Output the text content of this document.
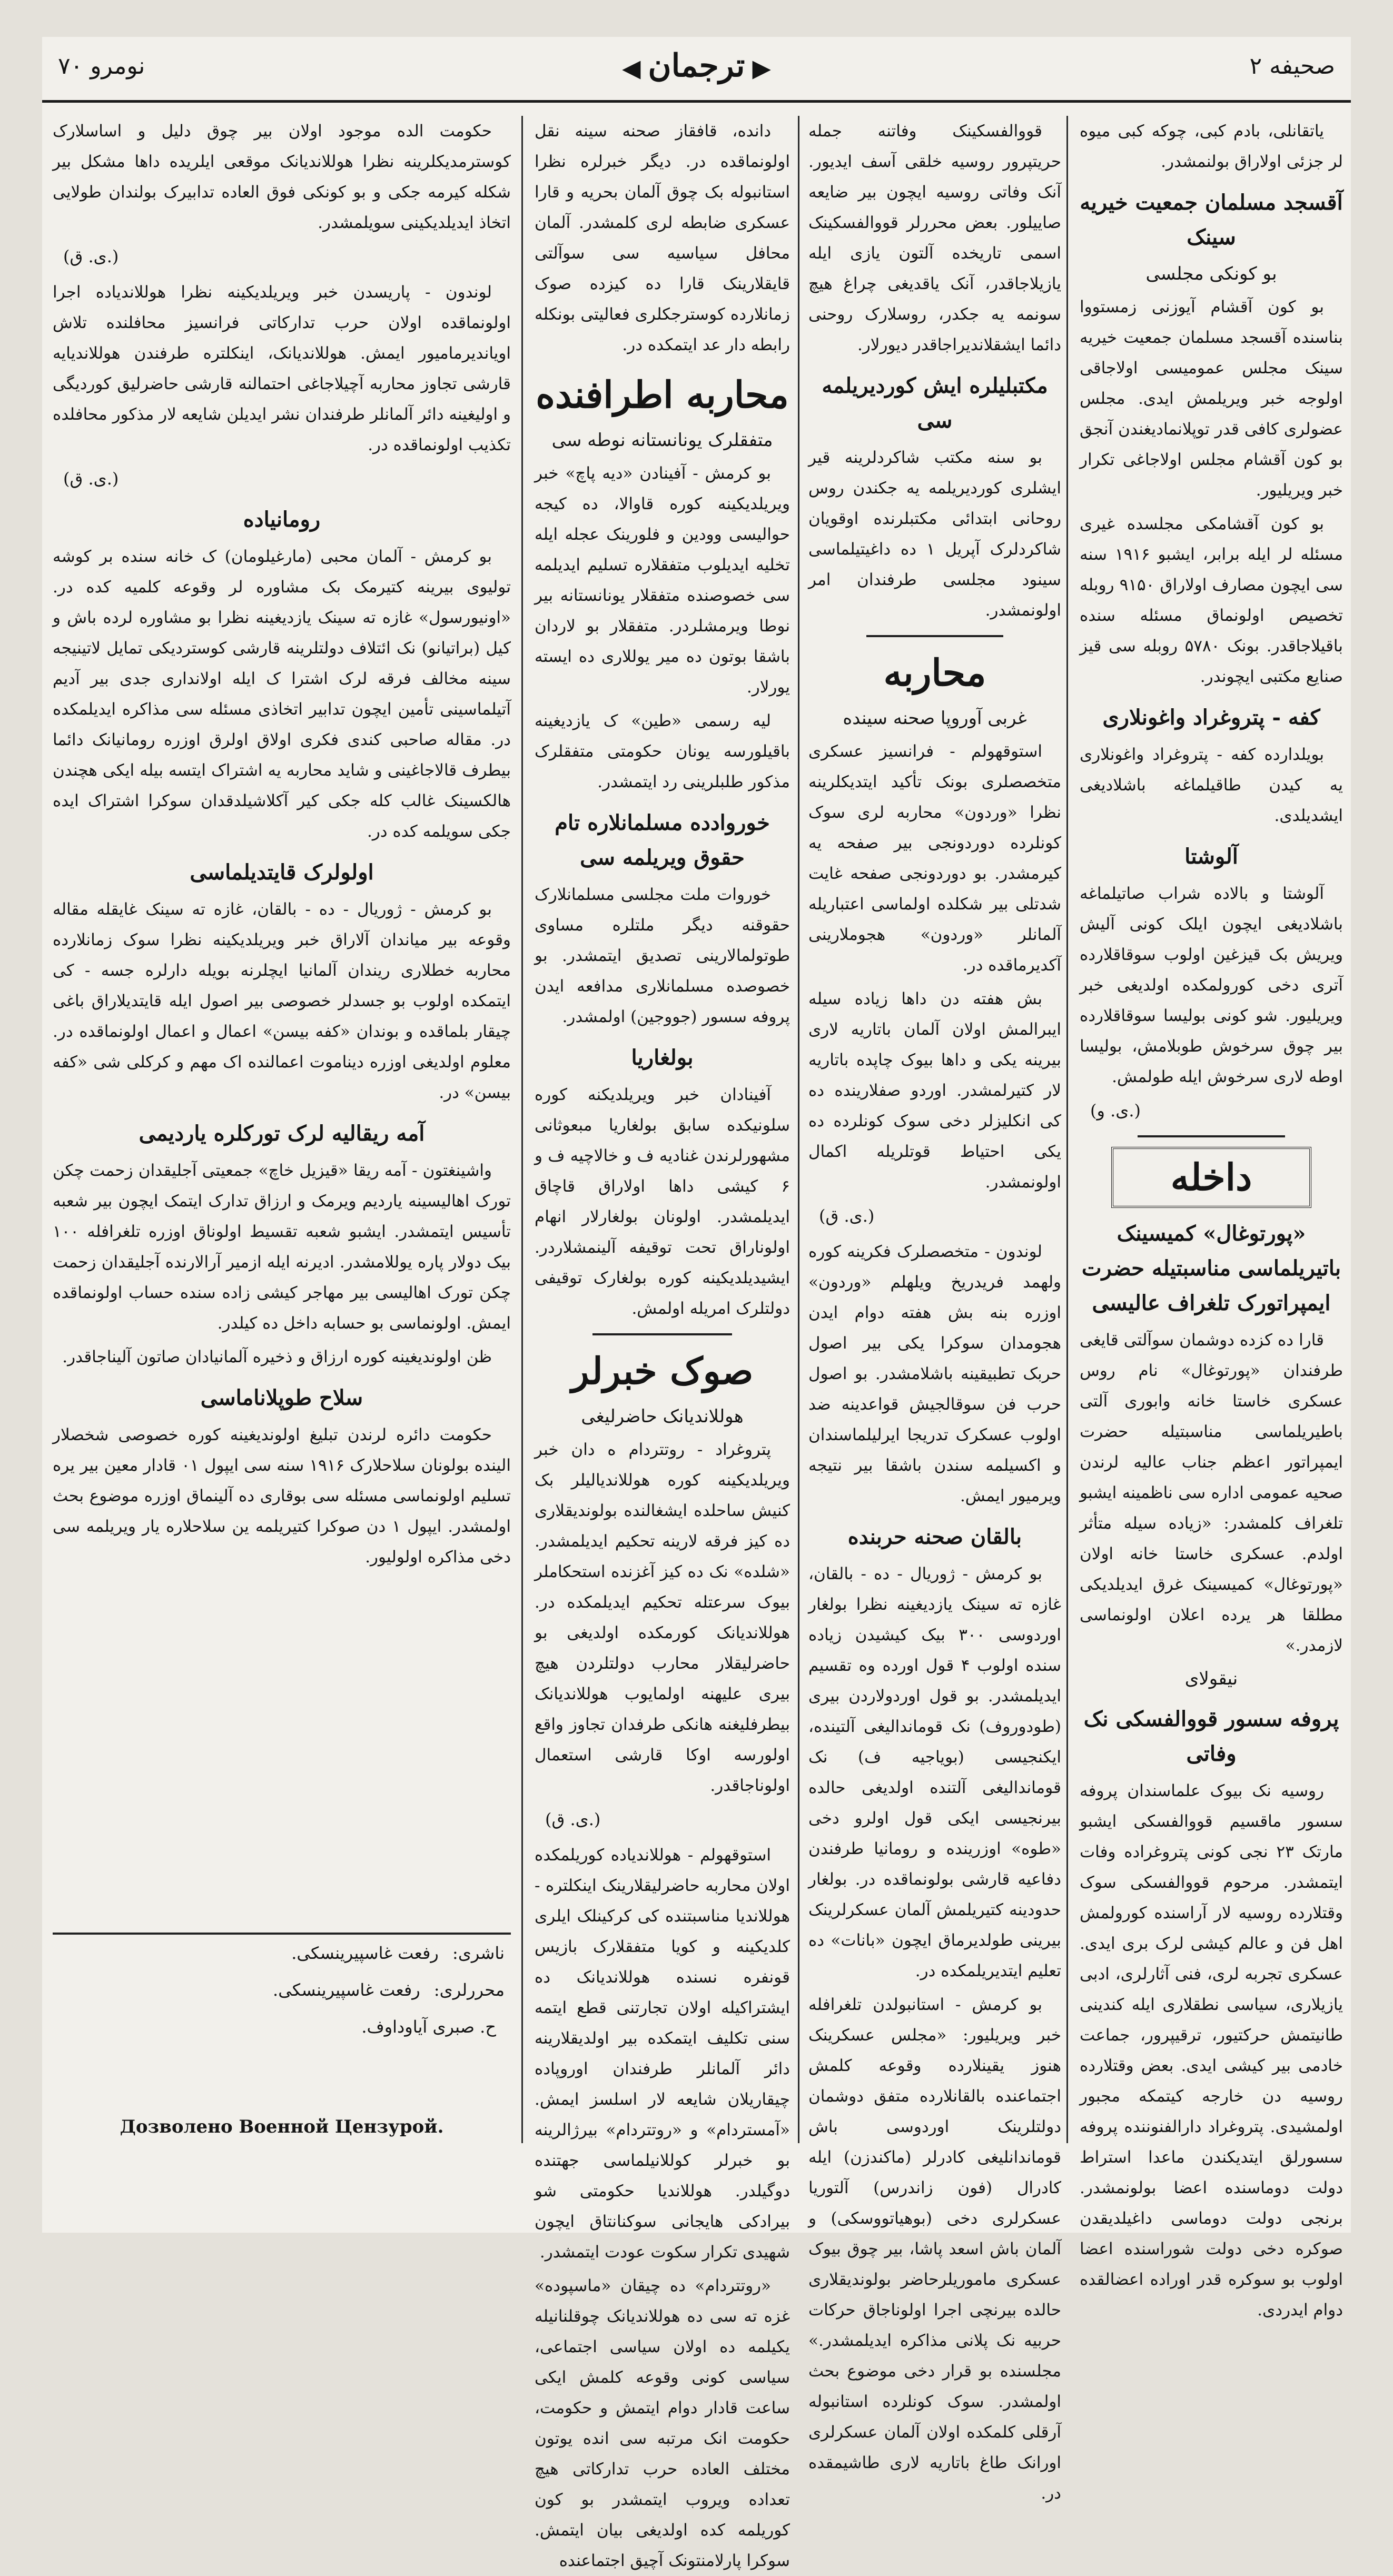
نومرو ۷۰	◀ ترجمان ▶	صحیفه ۲

یاتقانلی، بادم کبی، چوکه کبی میوه لر جزئی اولاراق بولنمشدر.

آقسجد مسلمان جمعیت خیریه سینک
بو کونکی مجلسی

بو کون آقشام آیوزنی زمستووا بناسنده آقسجد مسلمان جمعیت خیریه سینک مجلس عمومیسی اولاجاقی اولوجه خبر ویریلمش ایدی. مجلس عضولری کافی قدر توپلانمادیغندن آنجق بو کون آقشام مجلس اولاجاغی تکرار خبر ویریلیور.

بو کون آقشامکی مجلسده غیری مسئله لر ایله برابر، ایشبو ۱۹۱۶ سنه سی ایچون مصارف اولاراق ۹۱۵۰ روبله تخصیص اولونماق مسئله سنده باقیلاجاقدر. بونک ۵۷۸۰ روبله سی قیز صنایع مکتبی ایچوندر.

کفه - پتروغراد واغونلاری

بویلدارده کفه - پتروغراد واغونلاری یه کیدن طاقیلماغه باشلادیغی ایشدیلدی.

آلوشتا

آلوشتا و بالاده شراب صاتیلماغه باشلادیغی ایچون ایلک کونی آلیش ویریش بک قیزغین اولوب سوقاقلارده آتری دخی کورولمکده اولدیغی خبر ویریلیور. شو کونی بولیسا سوقاقلارده بیر چوق سرخوش طوبلامش، بولیسا اوطه لاری سرخوش ایله طولمش.

(ی. و.)
داخله
«پورتوغال» کمیسینک باتیریلماسی مناسبتیله حضرت ایمپراتورک تلغراف عالیسی

قارا ده کزده دوشمان سوآلتی قایغی طرفندان «پورتوغال» نام روس عسکری خاستا خانه وابوری آلتی باطیریلماسی مناسبتیله حضرت ایمپراتور اعظم جناب عالیه لرندن صحیه عمومی اداره سی ناظمینه ایشبو تلغراف کلمشدر: «زیاده سیله متأثر اولدم. عسکری خاستا خانه اولان «پورتوغال» کمیسینک غرق ایدیلدیکی مطلقا هر یرده اعلان اولونماسی لازمدر.»

نیقولای
پروفه سسور قووالفسکی نک وفاتی

روسیه نک بیوک علماسندان پروفه سسور ماقسیم قووالفسکی ایشبو مارتک ۲۳ نجی کونی پتروغراده وفات ایتمشدر. مرحوم قووالفسکی سوک وقتلارده روسیه لار آراسنده کورولمش اهل فن و عالم کیشی لرک بری ایدی. عسکری تجربه لری، فنی آثارلری، ادبی یازیلاری، سیاسی نطقلاری ایله کندینی طانیتمش حرکتیور، ترقیپرور، جماعت خادمی بیر کیشی ایدی. بعض وقتلارده روسیه دن خارجه کیتمکه مجبور اولمشیدی. پتروغراد دارالفنوننده پروفه سسورلق ایتدیکندن ماعدا استراط دولت دوماسنده اعضا بولونمشدر. برنجی دولت دوماسی داغیلدیقدن صوکره دخی دولت شوراسنده اعضا اولوب بو سوکره قدر اوراده اعضالقده دوام ایدردی.

قووالفسکینک وفاتنه جمله حریتپرور روسیه خلقی آسف ایدیور. آنک وفاتی روسیه ایچون بیر ضایعه صاییلور. بعض محررلر قووالفسکینک اسمی تاریخده آلتون یازی ایله یازیلاجاقدر، آنک یاقدیغی چراغ هیچ سونمه یه جکدر، روسلارک روحنی دائما ایشقلاندیراجاقدر دیورلار.

مکتبلیلره ایش کوردیریلمه سی

بو سنه مکتب شاکردلرینه قیر ایشلری کوردیریلمه یه جکندن روس روحانی ابتدائی مکتبلرنده اوقویان شاکردلرک آپریل ۱ ده داغیتیلماسی سینود مجلسی طرفندان امر اولونمشدر.

محاربه
غربی آوروپا صحنه سینده

استوقهولم - فرانسیز عسکری متخصصلری بونک تأکید ایتدیکلرینه نظرا «وردون» محاربه لری سوک کونلرده دوردونجی بیر صفحه یه کیرمشدر. بو دوردونجی صفحه غایت شدتلی بیر شکلده اولماسی اعتباریله آلمانلر «وردون» هجوملارینی آکدیرماقده در.

بش هفته دن داها زیاده سیله ایبرالمش اولان آلمان باتاریه لاری بیرینه یکی و داها بیوک چاپده باتاریه لار کتیرلمشدر. اوردو صفلارینده ده کی انکلیزلر دخی سوک کونلرده ده یکی احتیاط قوتلریله اکمال اولونمشدر.

(ی. ق.)

لوندون - متخصصلرک فکرینه کوره ولهمد فریدریخ ویلهلم «وردون» اوزره بنه بش هفته دوام ایدن هجومدان سوکرا یکی بیر اصول حربک تطبیقینه باشلامشدر. بو اصول حرب فن سوقالجیش قواعدینه ضد اولوب عسکرک تدریجا ایرلیلماسندان و اکسیلمه سندن باشقا بیر نتیجه ویرمیور ایمش.

بالقان صحنه حربنده

بو کرمش - ژوریال - ده - بالقان، غازه ته سینک یازدیغینه نظرا بولغار اوردوسی ۳۰۰ بیک کیشیدن زیاده سنده اولوب ۴ قول اورده وه تقسیم ایدیلمشدر. بو قول اوردولاردن بیری (طودوروف) نک قوماندالیغی آلتینده، ایکنجیسی (بویاجیه ف) نک قوماندالیغی آلتنده اولدیغی حالده بیرنجیسی ایکی قول اولرو دخی «طوه» اوزرینده و رومانیا طرفندن دفاعیه قارشی بولونماقده در. بولغار حدودینه کتیریلمش آلمان عسکرلرینک بیرینی طولدیرماق ایچون «بانات» ده تعلیم ایتدیریلمکده در.

بو کرمش - استانبولدن تلغرافله خبر ویریلیور: «مجلس عسکرینک هنوز یقینلارده وقوعه کلمش اجتماعنده بالقانلارده متفق دوشمان دولتلرینک اوردوسی باش قوماندانلیغی کادرلر (ماکندزن) ایله کادرال (فون زاندرس) آلتوریا عسکرلری دخی (بوهیاتووسکی) و آلمان باش اسعد پاشا، بیر چوق بیوک عسکری ماموریلرحاضر بولوندیقلاری حالده بیرنچی اجرا اولوناجاق حرکات حربیه نک پلانی مذاکره ایدیلمشدر.» مجلسنده بو قرار دخی موضوع بحث اولمشدر. سوک کونلرده استانبوله آرقلی کلمکده اولان آلمان عسکرلری اورانک طاغ باتاریه لاری طاشیمقده در.

دانده، قافقاز صحنه سینه نقل اولونماقده در. دیگر خبرلره نظرا استانبوله بک چوق آلمان بحریه و قارا عسکری ضابطه لری کلمشدر. آلمان محافل سیاسیه سی سوآلتی قایقلارینک قارا ده کیزده صوک زمانلارده کوسترجکلری فعالیتی بونکله رابطه دار عد ایتمکده در.

محاربه اطرافنده
متفقلرک یونانستانه نوطه سی

بو کرمش - آفینادن «دیه پاچ» خبر ویریلدیکینه کوره قاوالا، ده کیجه حوالیسی وودین و فلورینک عجله ایله تخلیه ایدیلوب متفقلاره تسلیم ایدیلمه سی خصوصنده متفقلار یونانستانه بیر نوطا ویرمشلردر. متفقلار بو لاردان باشقا بوتون ده میر یوللاری ده ایسته یورلار.

لیه رسمی «طین» ک یازدیغینه باقیلورسه یونان حکومتی متفقلرک مذکور طلبلرینی رد ایتمشدر.

خوروادده مسلمانلاره تام حقوق ویریلمه سی

خوروات ملت مجلسی مسلمانلارک حقوقنه دیگر ملتلره مساوی طوتولمالارینی تصدیق ایتمشدر. بو خصوصده مسلمانلاری مدافعه ایدن پروفه سسور (جووجین) اولمشدر.

بولغاریا

آفینادان خبر ویریلدیکنه کوره سلونیکده سابق بولغاریا مبعوثانی مشهورلرندن غنادیه ف و خالاچیه ف و ۶ کیشی داها اولاراق قاچاق ایدیلمشدر. اولونان بولغارلار انهام اولوناراق تحت توقیفه آلینمشلاردر. ایشیدیلدیکینه کوره بولغارک توقیفی دولتلرک امریله اولمش.

صوک خبرلر
هوللاندیانک حاضرلیغی

پتروغراد - روتتردام ه دان خبر ویریلدیکینه کوره هوللاندیالیلر بک کنیش ساحلده ایشغالنده بولوندیقلاری ده کیز فرقه لارینه تحکیم ایدیلمشدر. «شلده» نک ده کیز آغزنده استحکاملر بیوک سرعتله تحکیم ایدیلمکده در. هوللاندیانک کورمکده اولدیغی بو حاضرلیقلار محارب دولتلردن هیچ بیری علیهنه اولمایوب هوللاندیانک بیطرفلیغنه هانکی طرفدان تجاوز واقع اولورسه اوکا قارشی استعمال اولوناجاقدر.

(ی. ق.)

استوقهولم - هوللاندیاده کوریلمکده اولان محاربه حاضرلیقلارینک اینکلتره - هوللاندیا مناسبتنده کی کرکینلک ایلری کلدیکینه و کویا متفقلارک بازیس قونفره نسنده هوللاندیانک ده ایشتراکیله اولان تجارتنی قطع ایتمه سنی تکلیف ایتمکده بیر اولدیقلارینه دائر آلمانلر طرفندان اوروپاده چیقاریلان شایعه لار اسلسز ایمش. «آمستردام» و «روتتردام» بیرژالرینه بو خبرلر کوللانیلماسی جهتنده دوگیلدر. هوللاندیا حکومتی شو بیرادکی هایجانی سوکنانتاق ایچون شهیدی تکرار سکوت عودت ایتمشدر.

«روتتردام» ده چیقان «ماسپوده» غزه ته سی ده هوللاندیانک چوقلنانیله یکیلمه ده اولان سیاسی اجتماعی، سیاسی کونی وقوعه کلمش ایکی ساعت قادار دوام ایتمش و حکومت، حکومت انک مرتبه سی انده یوتون مختلف العاده حرب تدارکاتی هیچ تعداده ویروب ایتمشدر بو کون کوریلمه کده اولدیغی بیان ایتمش. سوکرا پارلامنتونک آچیق اجتماعنده

حکومت الده موجود اولان بیر چوق دلیل و اساسلارک کوسترمدیکلرینه نظرا هوللاندیانک موقعی ایلریده داها مشکل بیر شکله کیرمه جکی و بو کونکی فوق العاده تدابیرک بولندان طولایی اتخاذ ایدیلدیکینی سویلمشدر.

(ی. ق.)

لوندون - پاریسدن خبر ویریلدیکینه نظرا هوللاندیاده اجرا اولونماقده اولان حرب تدارکاتی فرانسیز محافلنده تلاش اویاندیرمامیور ایمش. هوللاندیانک، اینکلتره طرفندن هوللاندیایه قارشی تجاوز محاربه آچیلاجاغی احتمالنه قارشی حاضرلیق کوردیگی و اولیغینه دائر آلمانلر طرفندان نشر ایدیلن شایعه لار مذکور محافلده تکذیب اولونماقده در.

(ی. ق.)
رومانیاده

بو کرمش - آلمان محبی (مارغیلومان) ک خانه سنده بر کوشه تولیوی بیرینه کتیرمک بک مشاوره لر وقوعه کلمیه کده در. «اونیورسول» غازه ته سینک یازدیغینه نظرا بو مشاوره لرده باش و کیل (براتیانو) نک ائتلاف دولتلرینه قارشی کوستردیکی تمایل لاتینیجه سینه مخالف فرقه لرک اشترا ک ایله اولانداری جدی بیر آدیم آتیلماسینی تأمین ایچون تدابیر اتخاذی مسئله سی مذاکره ایدیلمکده در. مقاله صاحبی کندی فکری اولاق اولرق اوزره رومانیانک دائما بیطرف قالاجاغینی و شاید محاربه یه اشتراک ایتسه بیله ایکی هچندن هالکسینک غالب کله جکی کیر آکلاشیلدقدان سوکرا اشتراک ایده جکی سویلمه کده در.

اولولرک قایتدیلماسی

بو کرمش - ژوریال - ده - بالقان، غازه ته سینک غایقله مقاله وقوعه بیر میاندان آلاراق خبر ویریلدیکینه نظرا سوک زمانلارده محاربه خطلاری ریندان آلمانیا ایچلرنه بویله دارلره جسه - کی ایتمکده اولوب بو جسدلر خصوصی بیر اصول ایله قایتدیلاراق باغی چیقار بلماقده و بوندان «کفه بیسن» اعمال و اعمال اولونماقده در. معلوم اولدیغی اوزره دیناموت اعمالنده اک مهم و کرکلی شی «کفه بیسن» در.

آمه ریقالیه لرک تورکلره یاردیمی

واشینغتون - آمه ریقا «قیزیل خاچ» جمعیتی آجلیقدان زحمت چکن تورک اهالیسینه یاردیم ویرمک و ارزاق تدارک ایتمک ایچون بیر شعبه تأسیس ایتمشدر. ایشبو شعبه تقسیط اولوناق اوزره تلغرافله ۱۰۰ بیک دولار پاره یوللامشدر. ادیرنه ایله ازمیر آرالارنده آجلیقدان زحمت چکن تورک اهالیسی بیر مهاجر کیشی زاده سنده حساب اولونماقده ایمش. اولونماسی بو حسابه داخل ده کیلدر.

ظن اولوندیغینه کوره ارزاق و ذخیره آلمانیادان صاتون آلیناجاقدر.

سلاح طوپلاناماسی

حکومت دائره لرندن تبلیغ اولوندیغینه کوره خصوصی شخصلار الینده بولونان سلاحلارک ۱۹۱۶ سنه سی ایپول ۰۱ قادار معین بیر یره تسلیم اولونماسی مسئله سی بوقاری ده آلینماق اوزره موضوع بحث اولمشدر. ایپول ۱ دن صوکرا کتیریلمه ین سلاحلاره یار ویریلمه سی دخی مذاکره اولولیور.

ناشری: رفعت غاسپیرینسکی.
محررلری: رفعت غاسپیرینسکی.
ح. صبری آیاوداوف.
Дозволено Военной Цензурой.
